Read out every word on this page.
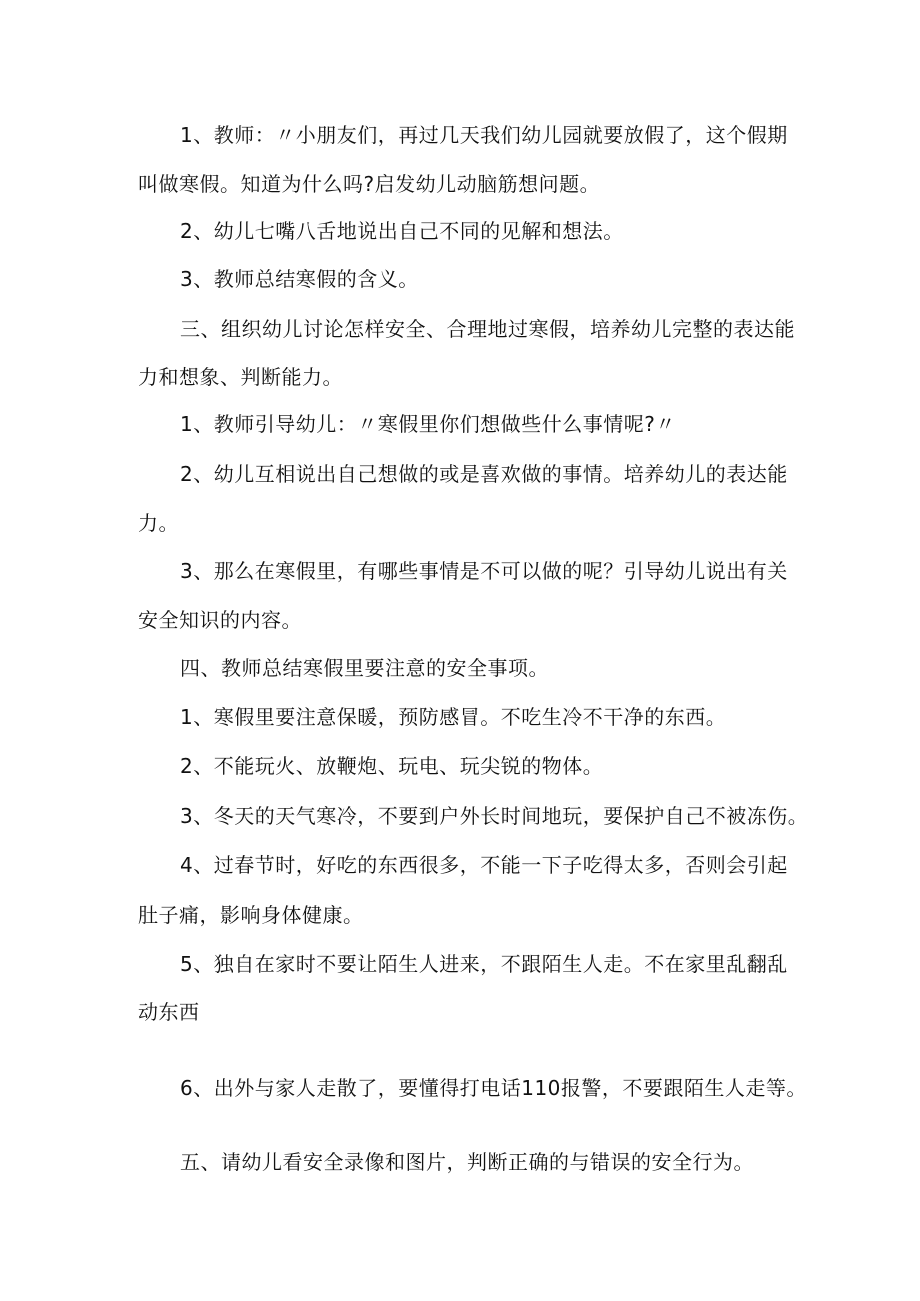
1、教师：〃小朋友们，再过几天我们幼儿园就要放假了，这个假期
叫做寒假。知道为什么吗?启发幼儿动脑筋想问题。
2、幼儿七嘴八舌地说出自己不同的见解和想法。
3、教师总结寒假的含义。
三、组织幼儿讨论怎样安全、合理地过寒假，培养幼儿完整的表达能
力和想象、判断能力。
1、教师引导幼儿：〃寒假里你们想做些什么事情呢?〃
2、幼儿互相说出自己想做的或是喜欢做的事情。培养幼儿的表达能
力。
3、那么在寒假里，有哪些事情是不可以做的呢？引导幼儿说出有关
安全知识的内容。
四、教师总结寒假里要注意的安全事项。
1、寒假里要注意保暖，预防感冒。不吃生冷不干净的东西。
2、不能玩火、放鞭炮、玩电、玩尖锐的物体。
3、冬天的天气寒冷，不要到户外长时间地玩，要保护自己不被冻伤。
4、过春节时，好吃的东西很多，不能一下子吃得太多，否则会引起
肚子痛，影响身体健康。
5、独自在家时不要让陌生人进来，不跟陌生人走。不在家里乱翻乱
动东西
6、出外与家人走散了，要懂得打电话110报警，不要跟陌生人走等。
五、请幼儿看安全录像和图片，判断正确的与错误的安全行为。
